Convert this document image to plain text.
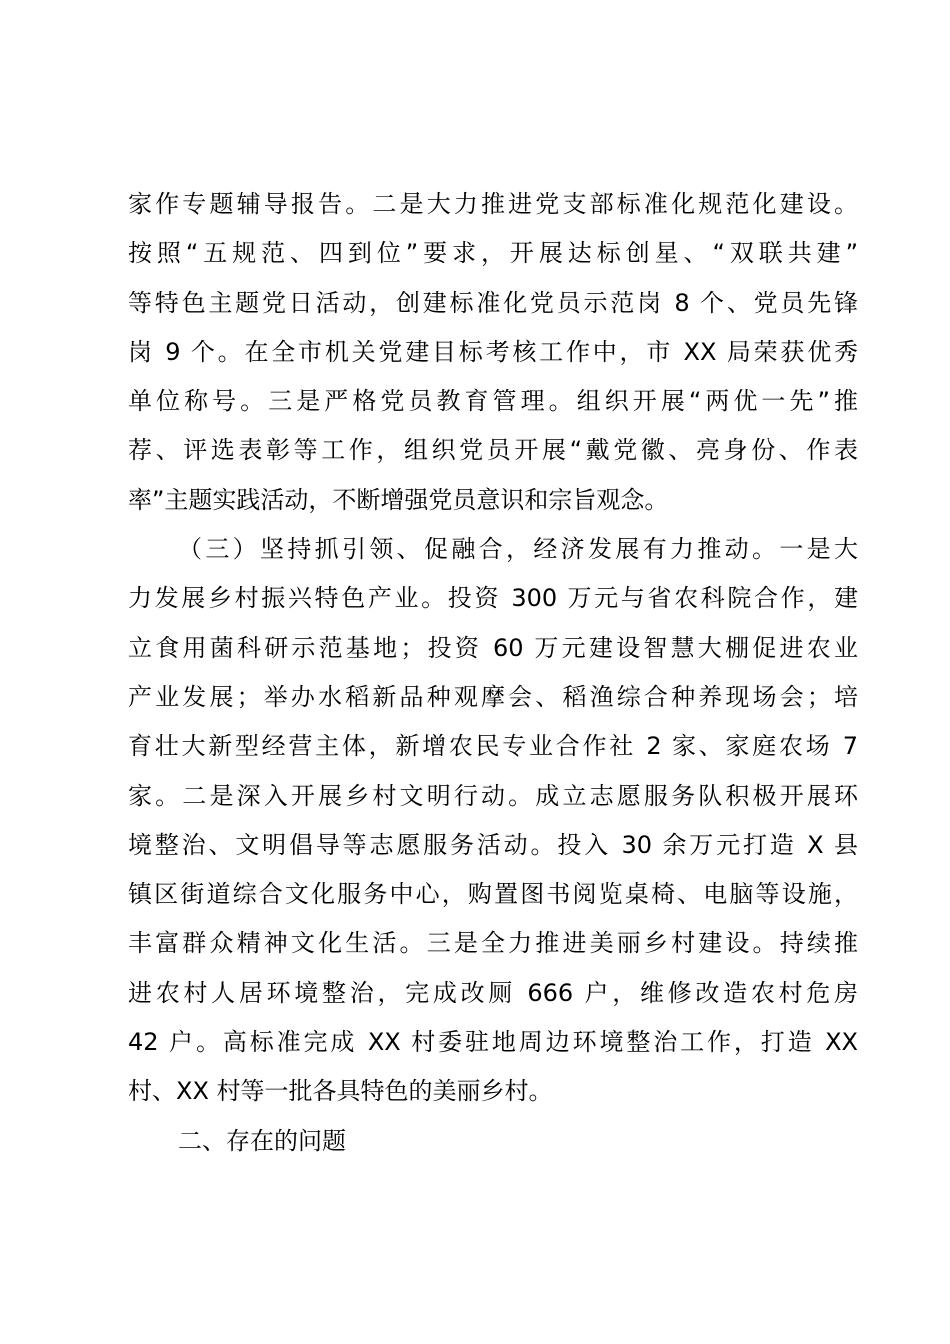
家作专题辅导报告。二是大力推进党支部标准化规范化建设。
按照“五规范、四到位”要求，开展达标创星、“双联共建”
等特色主题党日活动，创建标准化党员示范岗 8 个、党员先锋
岗 9 个。在全市机关党建目标考核工作中，市 XX 局荣获优秀
单位称号。三是严格党员教育管理。组织开展“两优一先”推
荐、评选表彰等工作，组织党员开展“戴党徽、亮身份、作表
率”主题实践活动，不断增强党员意识和宗旨观念。
（三）坚持抓引领、促融合，经济发展有力推动。一是大
力发展乡村振兴特色产业。投资 300 万元与省农科院合作，建
立食用菌科研示范基地；投资 60 万元建设智慧大棚促进农业
产业发展；举办水稻新品种观摩会、稻渔综合种养现场会；培
育壮大新型经营主体，新增农民专业合作社 2 家、家庭农场 7
家。二是深入开展乡村文明行动。成立志愿服务队积极开展环
境整治、文明倡导等志愿服务活动。投入 30 余万元打造 X 县
镇区街道综合文化服务中心，购置图书阅览桌椅、电脑等设施，
丰富群众精神文化生活。三是全力推进美丽乡村建设。持续推
进农村人居环境整治，完成改厕 666 户，维修改造农村危房
42 户。高标准完成 XX 村委驻地周边环境整治工作，打造 XX
村、XX 村等一批各具特色的美丽乡村。
二、存在的问题
